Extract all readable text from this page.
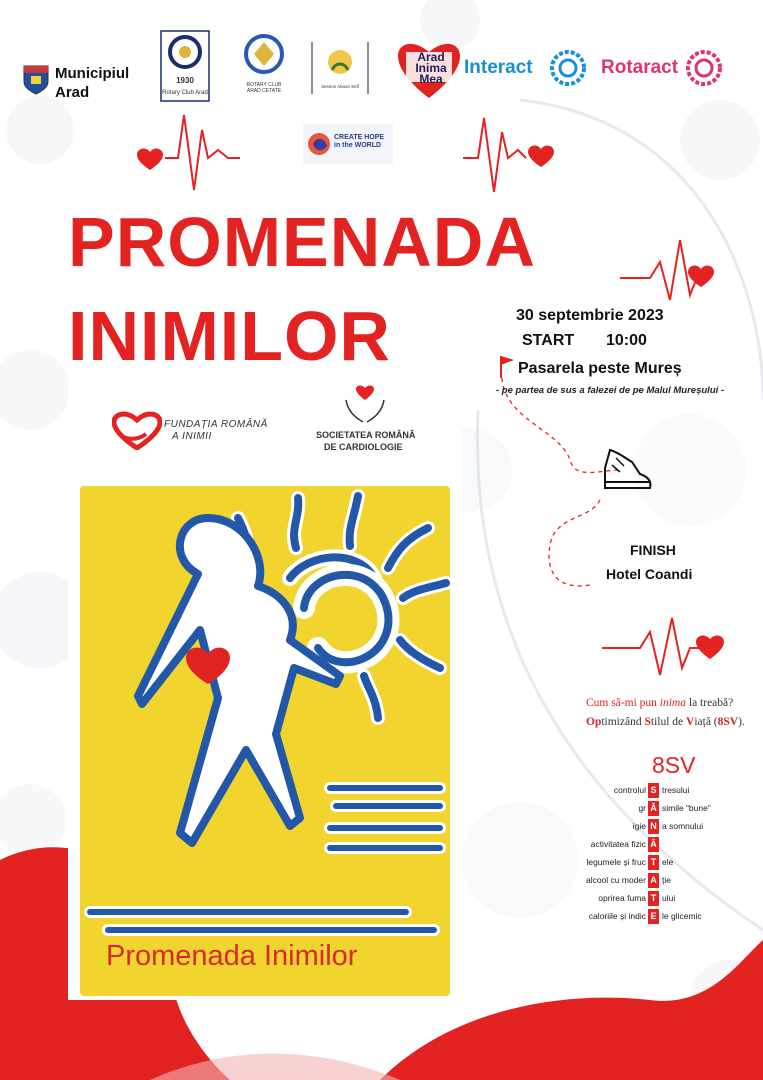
Municipiul
Arad
1930
Rotary Club Arad
ROTARY CLUB
ARAD CETATE
Service Above Self
Arad
Inima
Mea
Interact	Rotaract
CREATE HOPE
in the WORLD
PROMENADA
INIMILOR	30 septembrie 2023
START 10:00
Pasarela peste Mureș
- pe partea de sus a falezei de pe Malul Mureșului -
FINISH
Hotel Coandi
FUNDAȚIA ROMÂNĂ
A INIMII	SOCIETATEA ROMÂNĂ
DE CARDIOLOGIE
Promenada Inimilor
Cum să-mi pun inima la treabă?
Optimizând Stilul de Viață (8SV).
8SV
controlul S tresului
gr Ă simile “bune”
igie N a somnului
activitatea fizic Ă
legumele și fruc T ele
alcool cu moder A ție
oprirea fuma T ului
caloriile și indic E le glicemic
